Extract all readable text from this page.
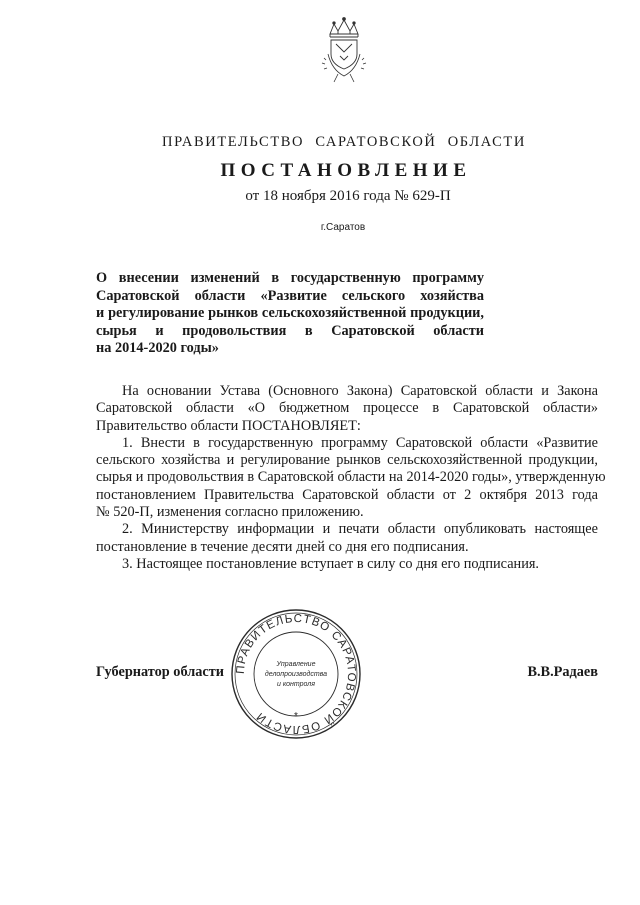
ПРАВИТЕЛЬСТВО САРАТОВСКОЙ ОБЛАСТИ
ПОСТАНОВЛЕНИЕ
от 18 ноября 2016 года № 629-П
г.Саратов
О внесении изменений в государственную программу
Саратовской области «Развитие сельского хозяйства
и регулирование рынков сельскохозяйственной продукции,
сырья и продовольствия в Саратовской области
на 2014-2020 годы»
На основании Устава (Основного Закона) Саратовской области и Закона
Саратовской области «О бюджетном процессе в Саратовской области»
Правительство области ПОСТАНОВЛЯЕТ:
1. Внести в государственную программу Саратовской области «Развитие
сельского хозяйства и регулирование рынков сельскохозяйственной продукции,
сырья и продовольствия в Саратовской области на 2014-2020 годы», утвержденную
постановлением Правительства Саратовской области от 2 октября 2013 года
№ 520-П, изменения согласно приложению.
2. Министерству информации и печати области опубликовать настоящее
постановление в течение десяти дней со дня его подписания.
3. Настоящее постановление вступает в силу со дня его подписания.
Губернатор области	В.В.Радаев
ПРАВИТЕЛЬСТВО САРАТОВСКОЙ ОБЛАСТИ
Управление
делопроизводства
и контроля
*
